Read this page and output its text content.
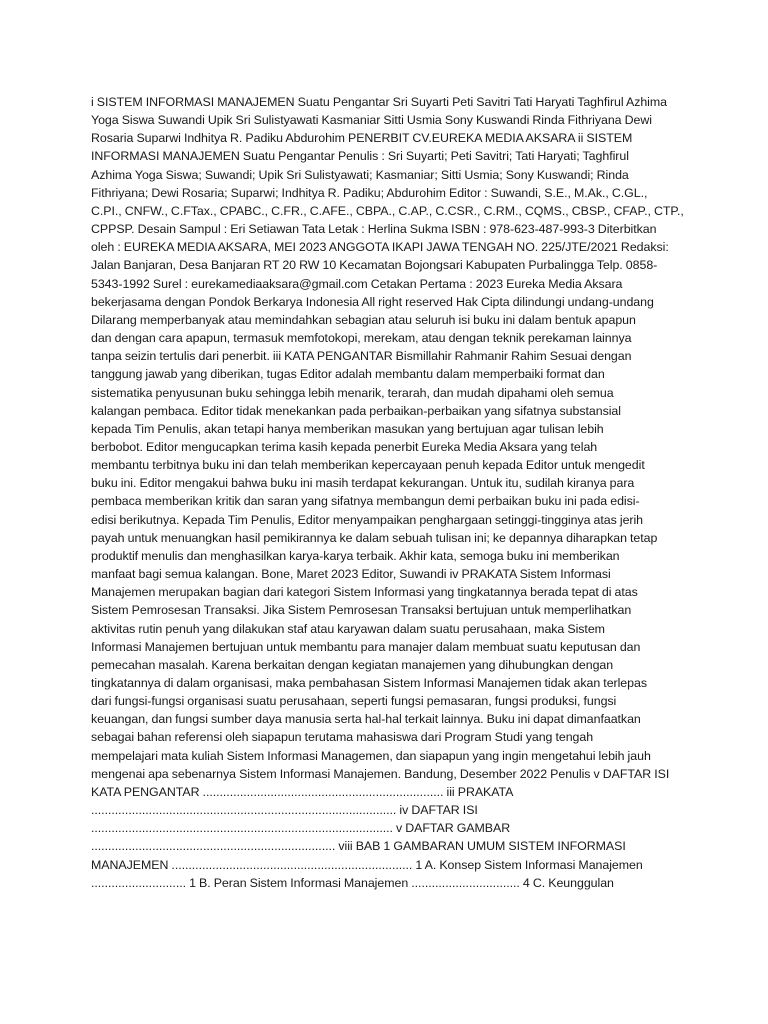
i SISTEM INFORMASI MANAJEMEN Suatu Pengantar Sri Suyarti Peti Savitri Tati Haryati Taghfirul Azhima
Yoga Siswa Suwandi Upik Sri Sulistyawati Kasmaniar Sitti Usmia Sony Kuswandi Rinda Fithriyana Dewi
Rosaria Suparwi Indhitya R. Padiku Abdurohim PENERBIT CV.EUREKA MEDIA AKSARA ii SISTEM
INFORMASI MANAJEMEN Suatu Pengantar Penulis : Sri Suyarti; Peti Savitri; Tati Haryati; Taghfirul
Azhima Yoga Siswa; Suwandi; Upik Sri Sulistyawati; Kasmaniar; Sitti Usmia; Sony Kuswandi; Rinda
Fithriyana; Dewi Rosaria; Suparwi; Indhitya R. Padiku; Abdurohim Editor : Suwandi, S.E., M.Ak., C.GL.,
C.PI., CNFW., C.FTax., CPABC., C.FR., C.AFE., CBPA., C.AP., C.CSR., C.RM., CQMS., CBSP., CFAP., CTP.,
CPPSP. Desain Sampul : Eri Setiawan Tata Letak : Herlina Sukma ISBN : 978-623-487-993-3 Diterbitkan
oleh : EUREKA MEDIA AKSARA, MEI 2023 ANGGOTA IKAPI JAWA TENGAH NO. 225/JTE/2021 Redaksi:
Jalan Banjaran, Desa Banjaran RT 20 RW 10 Kecamatan Bojongsari Kabupaten Purbalingga Telp. 0858-
5343-1992 Surel : eurekamediaaksara@gmail.com Cetakan Pertama : 2023 Eureka Media Aksara
bekerjasama dengan Pondok Berkarya Indonesia All right reserved Hak Cipta dilindungi undang-undang
Dilarang memperbanyak atau memindahkan sebagian atau seluruh isi buku ini dalam bentuk apapun
dan dengan cara apapun, termasuk memfotokopi, merekam, atau dengan teknik perekaman lainnya
tanpa seizin tertulis dari penerbit. iii KATA PENGANTAR Bismillahir Rahmanir Rahim Sesuai dengan
tanggung jawab yang diberikan, tugas Editor adalah membantu dalam memperbaiki format dan
sistematika penyusunan buku sehingga lebih menarik, terarah, dan mudah dipahami oleh semua
kalangan pembaca. Editor tidak menekankan pada perbaikan-perbaikan yang sifatnya substansial
kepada Tim Penulis, akan tetapi hanya memberikan masukan yang bertujuan agar tulisan lebih
berbobot. Editor mengucapkan terima kasih kepada penerbit Eureka Media Aksara yang telah
membantu terbitnya buku ini dan telah memberikan kepercayaan penuh kepada Editor untuk mengedit
buku ini. Editor mengakui bahwa buku ini masih terdapat kekurangan. Untuk itu, sudilah kiranya para
pembaca memberikan kritik dan saran yang sifatnya membangun demi perbaikan buku ini pada edisi-
edisi berikutnya. Kepada Tim Penulis, Editor menyampaikan penghargaan setinggi-tingginya atas jerih
payah untuk menuangkan hasil pemikirannya ke dalam sebuah tulisan ini; ke depannya diharapkan tetap
produktif menulis dan menghasilkan karya-karya terbaik. Akhir kata, semoga buku ini memberikan
manfaat bagi semua kalangan. Bone, Maret 2023 Editor, Suwandi iv PRAKATA Sistem Informasi
Manajemen merupakan bagian dari kategori Sistem Informasi yang tingkatannya berada tepat di atas
Sistem Pemrosesan Transaksi. Jika Sistem Pemrosesan Transaksi bertujuan untuk memperlihatkan
aktivitas rutin penuh yang dilakukan staf atau karyawan dalam suatu perusahaan, maka Sistem
Informasi Manajemen bertujuan untuk membantu para manajer dalam membuat suatu keputusan dan
pemecahan masalah. Karena berkaitan dengan kegiatan manajemen yang dihubungkan dengan
tingkatannya di dalam organisasi, maka pembahasan Sistem Informasi Manajemen tidak akan terlepas
dari fungsi-fungsi organisasi suatu perusahaan, seperti fungsi pemasaran, fungsi produksi, fungsi
keuangan, dan fungsi sumber daya manusia serta hal-hal terkait lainnya. Buku ini dapat dimanfaatkan
sebagai bahan referensi oleh siapapun terutama mahasiswa dari Program Studi yang tengah
mempelajari mata kuliah Sistem Informasi Managemen, dan siapapun yang ingin mengetahui lebih jauh
mengenai apa sebenarnya Sistem Informasi Manajemen. Bandung, Desember 2022 Penulis v DAFTAR ISI
KATA PENGANTAR ....................................................................... iii PRAKATA
.......................................................................................... iv DAFTAR ISI
......................................................................................... v DAFTAR GAMBAR
........................................................................ viii BAB 1 GAMBARAN UMUM SISTEM INFORMASI
MANAJEMEN ....................................................................... 1 A. Konsep Sistem Informasi Manajemen
............................ 1 B. Peran Sistem Informasi Manajemen ................................ 4 C. Keunggulan
